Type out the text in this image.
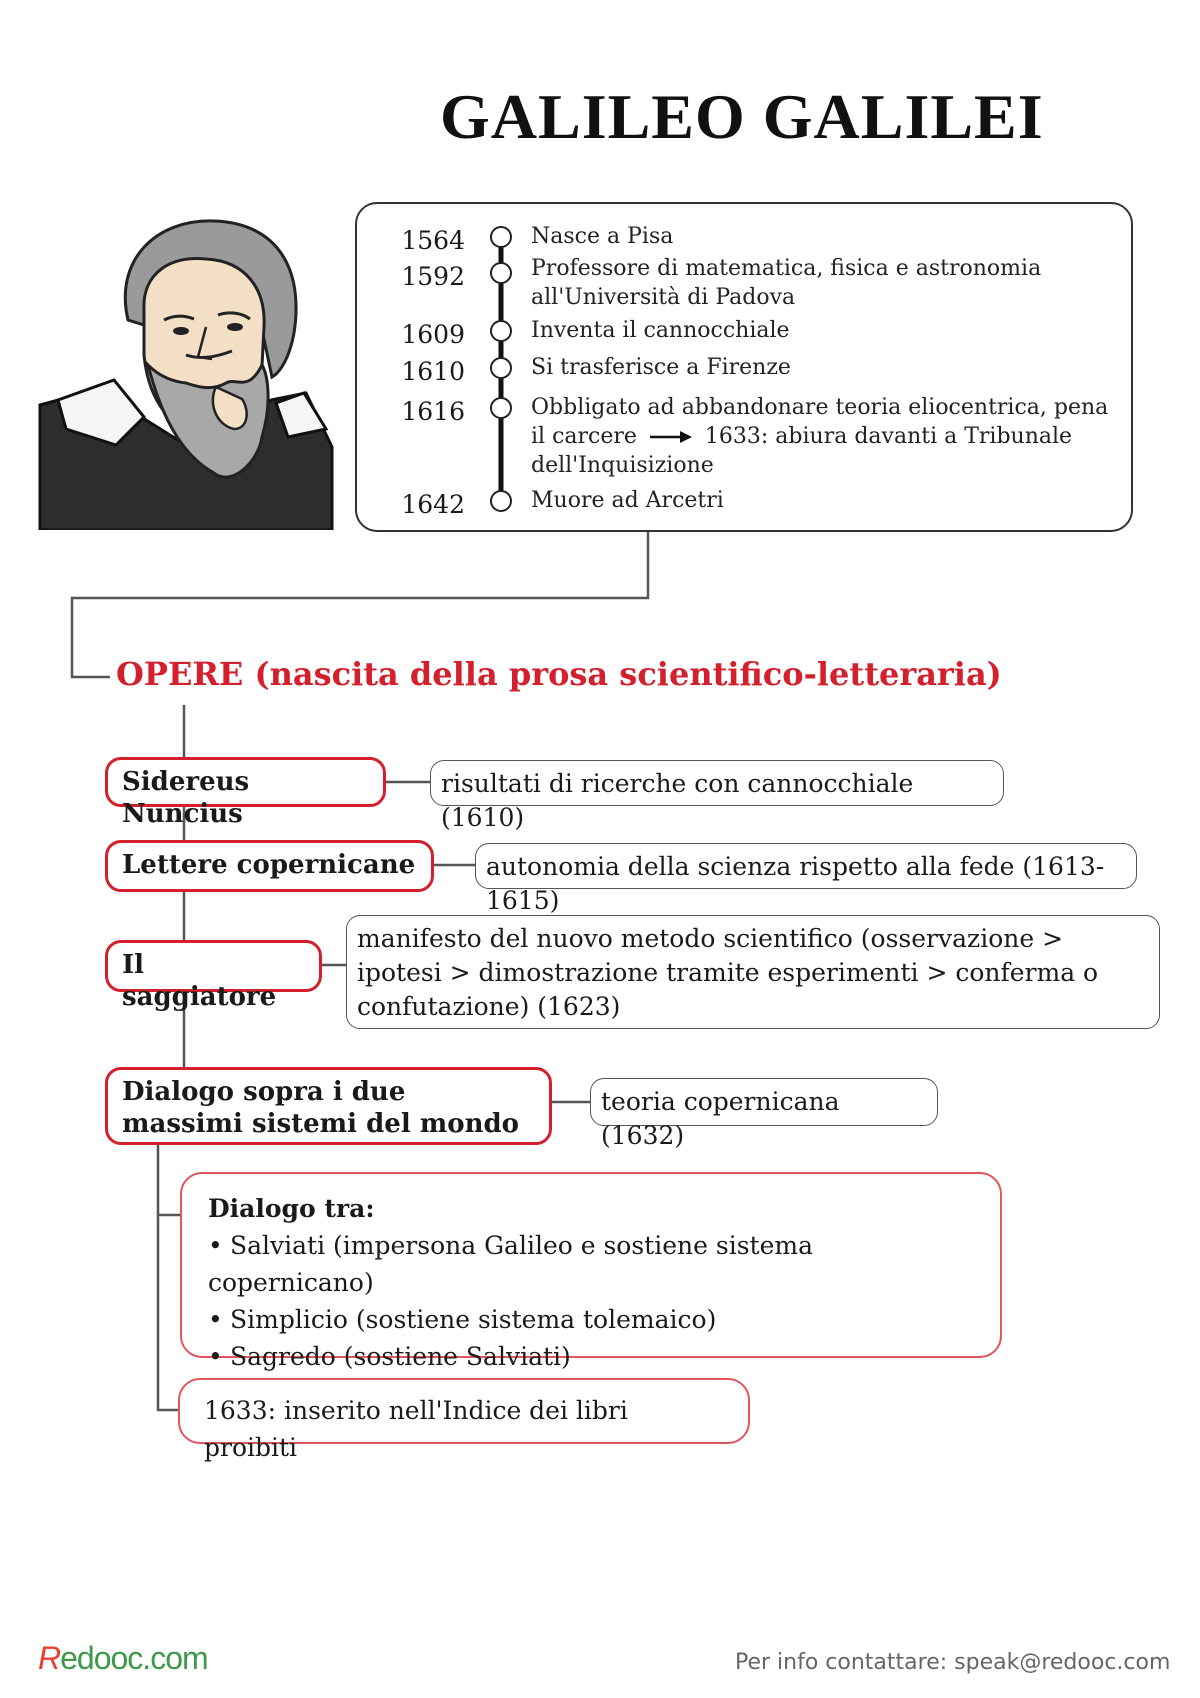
GALILEO GALILEI
1564	Nasce a Pisa
1592	Professore di matematica, fisica e astronomia all'Università di Padova
1609	Inventa il cannocchiale
1610	Si trasferisce a Firenze
1616	Obbligato ad abbandonare teoria eliocentrica, pena il carcere	1633: abiura davanti a Tribunale dell'Inquisizione
1642	Muore ad Arcetri
OPERE (nascita della prosa scientifico-letteraria)
Sidereus Nuncius
risultati di ricerche con cannocchiale (1610)
Lettere copernicane	autonomia della scienza rispetto alla fede (1613-1615)
Il saggiatore
manifesto del nuovo metodo scientifico (osservazione > ipotesi > dimostrazione tramite esperimenti > conferma o confutazione) (1623)
Dialogo sopra i due massimi sistemi del mondo
teoria copernicana (1632)
Dialogo tra:
• Salviati (impersona Galileo e sostiene sistema copernicano)
• Simplicio (sostiene sistema tolemaico)
• Sagredo (sostiene Salviati)
1633: inserito nell'Indice dei libri proibiti
Redooc.com	Per info contattare: speak@redooc.com
